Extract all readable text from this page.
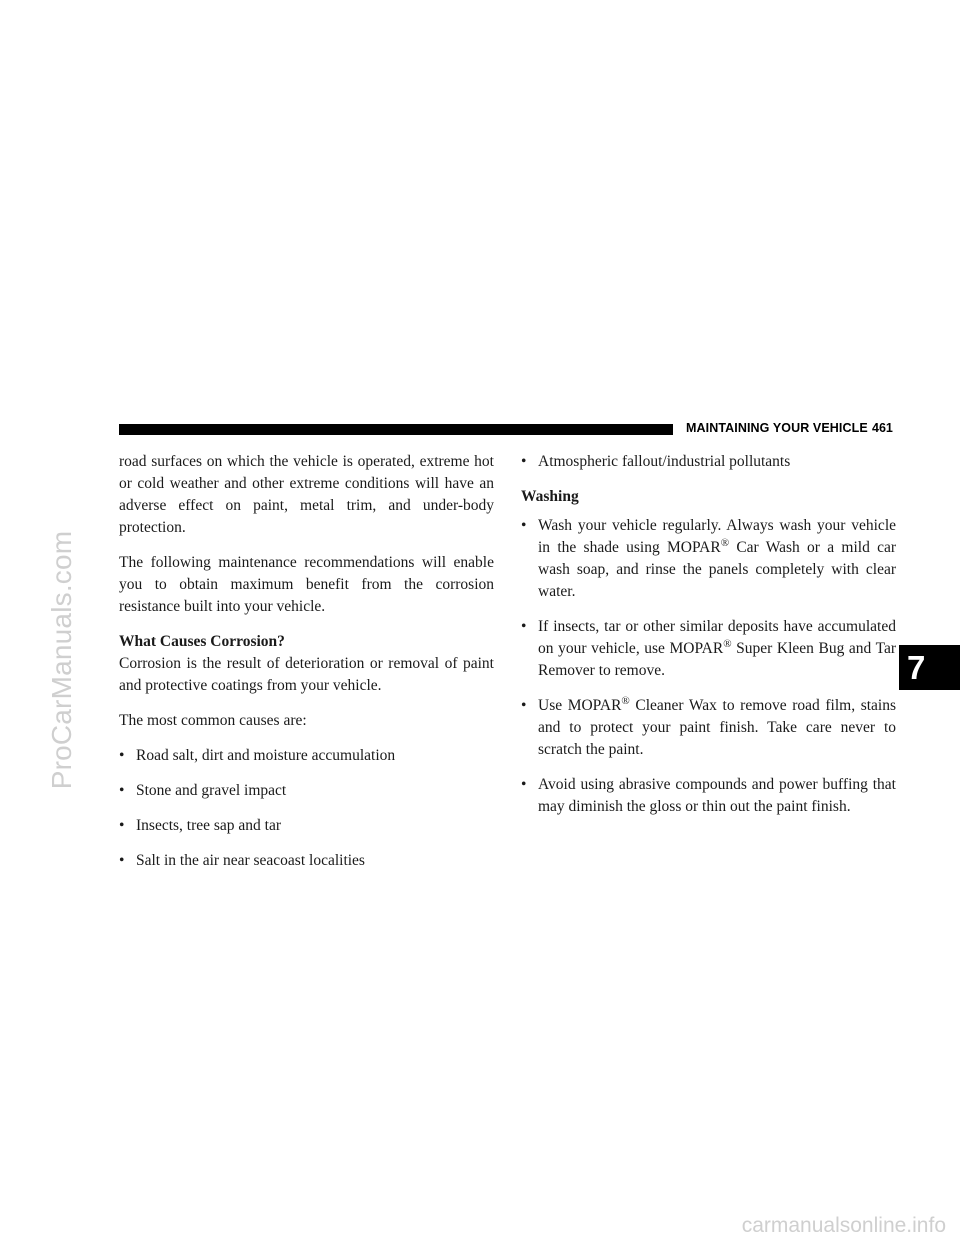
ProCarManuals.com
MAINTAINING YOUR VEHICLE 461
7

road surfaces on which the vehicle is operated, extreme hot or cold weather and other extreme conditions will have an adverse effect on paint, metal trim, and under-body protection.

The following maintenance recommendations will enable you to obtain maximum benefit from the corrosion resistance built into your vehicle.

What Causes Corrosion?

Corrosion is the result of deterioration or removal of paint and protective coatings from your vehicle.

The most common causes are:

• Road salt, dirt and moisture accumulation
• Stone and gravel impact
• Insects, tree sap and tar
• Salt in the air near seacoast localities
• Atmospheric fallout/industrial pollutants

Washing

• Wash your vehicle regularly. Always wash your vehicle in the shade using MOPAR® Car Wash or a mild car wash soap, and rinse the panels completely with clear water.
• If insects, tar or other similar deposits have accumulated on your vehicle, use MOPAR® Super Kleen Bug and Tar Remover to remove.
• Use MOPAR® Cleaner Wax to remove road film, stains and to protect your paint finish. Take care never to scratch the paint.
• Avoid using abrasive compounds and power buffing that may diminish the gloss or thin out the paint finish.
carmanualsonline.info
